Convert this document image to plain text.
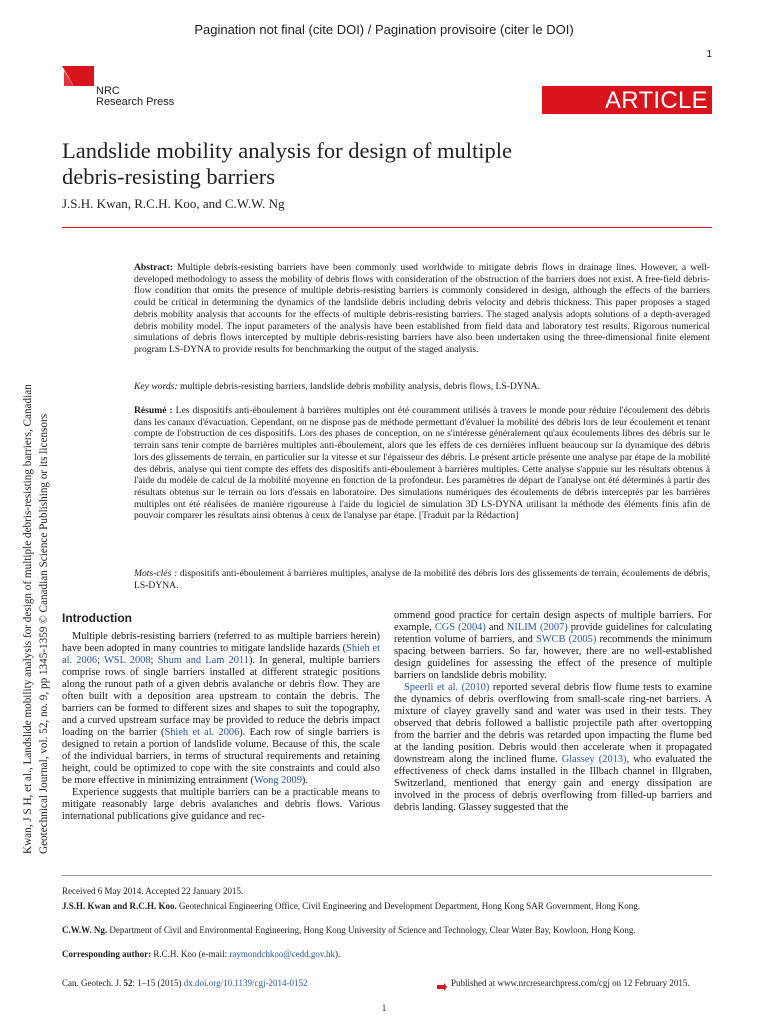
Pagination not final (cite DOI) / Pagination provisoire (citer le DOI)
1
NRC
Research Press	ARTICLE
Landslide mobility analysis for design of multiple
debris-resisting barriers
J.S.H. Kwan, R.C.H. Koo, and C.W.W. Ng
Kwan, J S H, et al., Landslide mobility analysis for design of multiple debris-resisting barriers, Canadian Geotechnical Journal, vol. 52, no. 9, pp 1345-1359 © Canadian Science Publishing or its licensors
Abstract: Multiple debris-resisting barriers have been commonly used worldwide to mitigate debris flows in drainage lines. However, a well-developed methodology to assess the mobility of debris flows with consideration of the obstruction of the barriers does not exist. A free-field debris-flow condition that omits the presence of multiple debris-resisting barriers is commonly considered in design, although the effects of the barriers could be critical in determining the dynamics of the landslide debris including debris velocity and debris thickness. This paper proposes a staged debris mobility analysis that accounts for the effects of multiple debris-resisting barriers. The staged analysis adopts solutions of a depth-averaged debris mobility model. The input parameters of the analysis have been established from field data and laboratory test results. Rigorous numerical simulations of debris flows intercepted by multiple debris-resisting barriers have also been undertaken using the three-dimensional finite element program LS-DYNA to provide results for benchmarking the output of the staged analysis.
Key words: multiple debris-resisting barriers, landslide debris mobility analysis, debris flows, LS-DYNA.
Résumé : Les dispositifs anti-éboulement à barrières multiples ont été couramment utilisés à travers le monde pour réduire l'écoulement des débris dans les canaux d'évacuation. Cependant, on ne dispose pas de méthode permettant d'évaluer la mobilité des débris lors de leur écoulement et tenant compte de l'obstruction de ces dispositifs. Lors des phases de conception, on ne s'intéresse généralement qu'aux écoulements libres des débris sur le terrain sans tenir compte de barrières multiples anti-éboulement, alors que les effets de ces dernières influent beaucoup sur la dynamique des débris lors des glissements de terrain, en particulier sur la vitesse et sur l'épaisseur des débris. Le présent article présente une analyse par étape de la mobilité des débris, analyse qui tient compte des effets des dispositifs anti-éboulement à barrières multiples. Cette analyse s'appuie sur les résultats obtenus à l'aide du modèle de calcul de la mobilité moyenne en fonction de la profondeur. Les paramètres de départ de l'analyse ont été déterminés à partir des résultats obtenus sur le terrain ou lors d'essais en laboratoire. Des simulations numériques des écoulements de débris interceptés par les barrières multiples ont été réalisées de manière rigoureuse à l'aide du logiciel de simulation 3D LS-DYNA utilisant la méthode des éléments finis afin de pouvoir comparer les résultats ainsi obtenus à ceux de l'analyse par étape. [Traduit par la Rédaction]
Mots-clés : dispositifs anti-éboulement à barrières multiples, analyse de la mobilité des débris lors des glissements de terrain, écoulements de débris, LS-DYNA.
Introduction

Multiple debris-resisting barriers (referred to as multiple barriers herein) have been adopted in many countries to mitigate landslide hazards (Shieh et al. 2006; WSL 2008; Shum and Lam 2011). In general, multiple barriers comprise rows of single barriers installed at different strategic positions along the runout path of a given debris avalanche or debris flow. They are often built with a deposition area upstream to contain the debris. The barriers can be formed to different sizes and shapes to suit the topography, and a curved upstream surface may be provided to reduce the debris impact loading on the barrier (Shieh et al. 2006). Each row of single barriers is designed to retain a portion of landslide volume. Because of this, the scale of the individual barriers, in terms of structural requirements and retaining height, could be optimized to cope with the site constraints and could also be more effective in minimizing entrainment (Wong 2009).

Experience suggests that multiple barriers can be a practicable means to mitigate reasonably large debris avalanches and debris flows. Various international publications give guidance and rec-

ommend good practice for certain design aspects of multiple barriers. For example, CGS (2004) and NILIM (2007) provide guidelines for calculating retention volume of barriers, and SWCB (2005) recommends the minimum spacing between barriers. So far, however, there are no well-established design guidelines for assessing the effect of the presence of multiple barriers on landslide debris mobility.

Speerli et al. (2010) reported several debris flow flume tests to examine the dynamics of debris overflowing from small-scale ring-net barriers. A mixture of clayey gravelly sand and water was used in their tests. They observed that debris followed a ballistic projectile path after overtopping from the barrier and the debris was retarded upon impacting the flume bed at the landing position. Debris would then accelerate when it propagated downstream along the inclined flume. Glassey (2013), who evaluated the effectiveness of check dams installed in the Illbach channel in Illgraben, Switzerland, mentioned that energy gain and energy dissipation are involved in the process of debris overflowing from filled-up barriers and debris landing. Glassey suggested that the

Received 6 May 2014. Accepted 22 January 2015.
J.S.H. Kwan and R.C.H. Koo. Geotechnical Engineering Office, Civil Engineering and Development Department, Hong Kong SAR Government, Hong Kong.
C.W.W. Ng. Department of Civil and Environmental Engineering, Hong Kong University of Science and Technology, Clear Water Bay, Kowloon, Hong Kong.
Corresponding author: R.C.H. Koo (e-mail: raymondchkoo@cedd.gov.hk).
Can. Geotech. J. 52: 1–15 (2015) dx.doi.org/10.1139/cgj-2014-0152	Published at www.nrcresearchpress.com/cgj on 12 February 2015.
1
